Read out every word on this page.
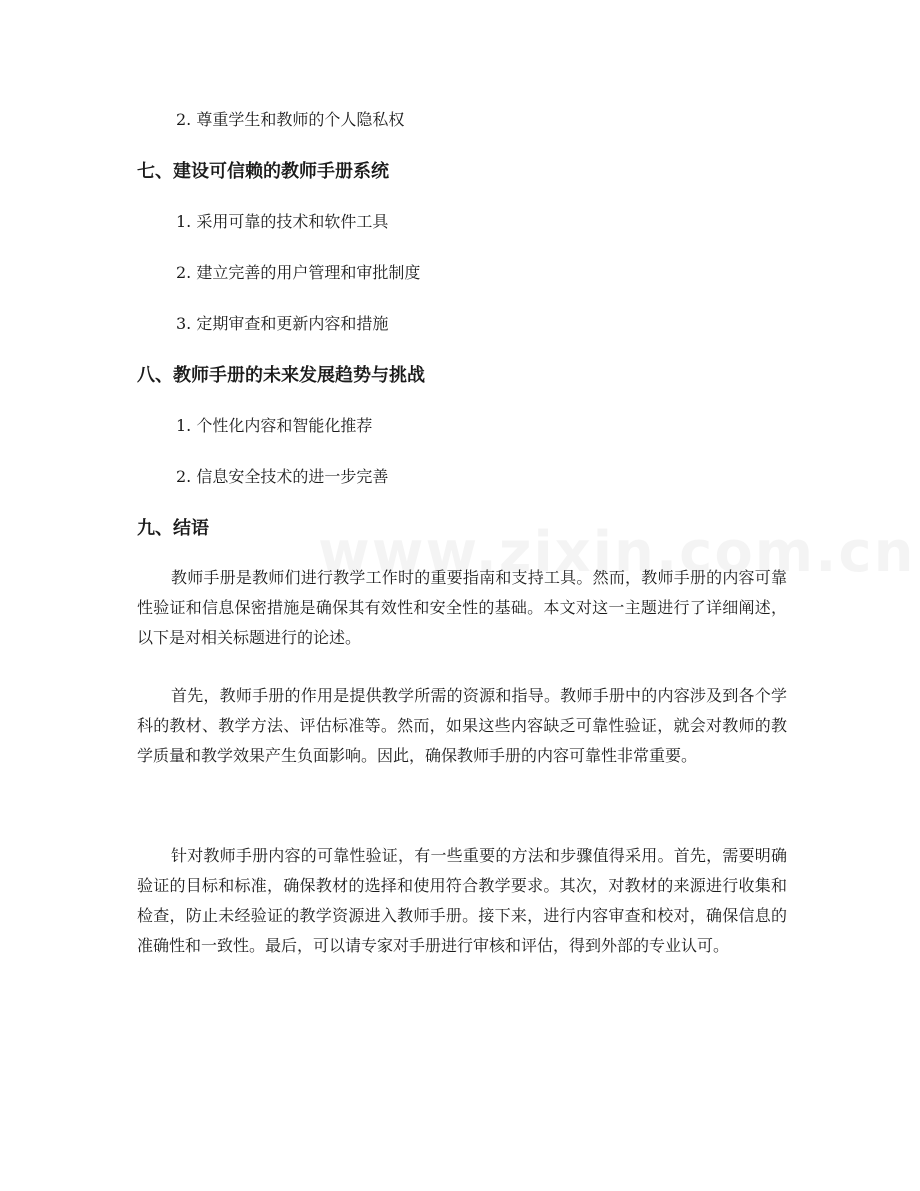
2. 尊重学生和教师的个人隐私权
七、建设可信赖的教师手册系统
1. 采用可靠的技术和软件工具
2. 建立完善的用户管理和审批制度
3. 定期审查和更新内容和措施
八、教师手册的未来发展趋势与挑战
1. 个性化内容和智能化推荐
2. 信息安全技术的进一步完善
九、结语
教师手册是教师们进行教学工作时的重要指南和支持工具。然而，教师手册的内容可靠性验证和信息保密措施是确保其有效性和安全性的基础。本文对这一主题进行了详细阐述，以下是对相关标题进行的论述。
首先，教师手册的作用是提供教学所需的资源和指导。教师手册中的内容涉及到各个学科的教材、教学方法、评估标准等。然而，如果这些内容缺乏可靠性验证，就会对教师的教学质量和教学效果产生负面影响。因此，确保教师手册的内容可靠性非常重要。
针对教师手册内容的可靠性验证，有一些重要的方法和步骤值得采用。首先，需要明确验证的目标和标准，确保教材的选择和使用符合教学要求。其次，对教材的来源进行收集和检查，防止未经验证的教学资源进入教师手册。接下来，进行内容审查和校对，确保信息的准确性和一致性。最后，可以请专家对手册进行审核和评估，得到外部的专业认可。
